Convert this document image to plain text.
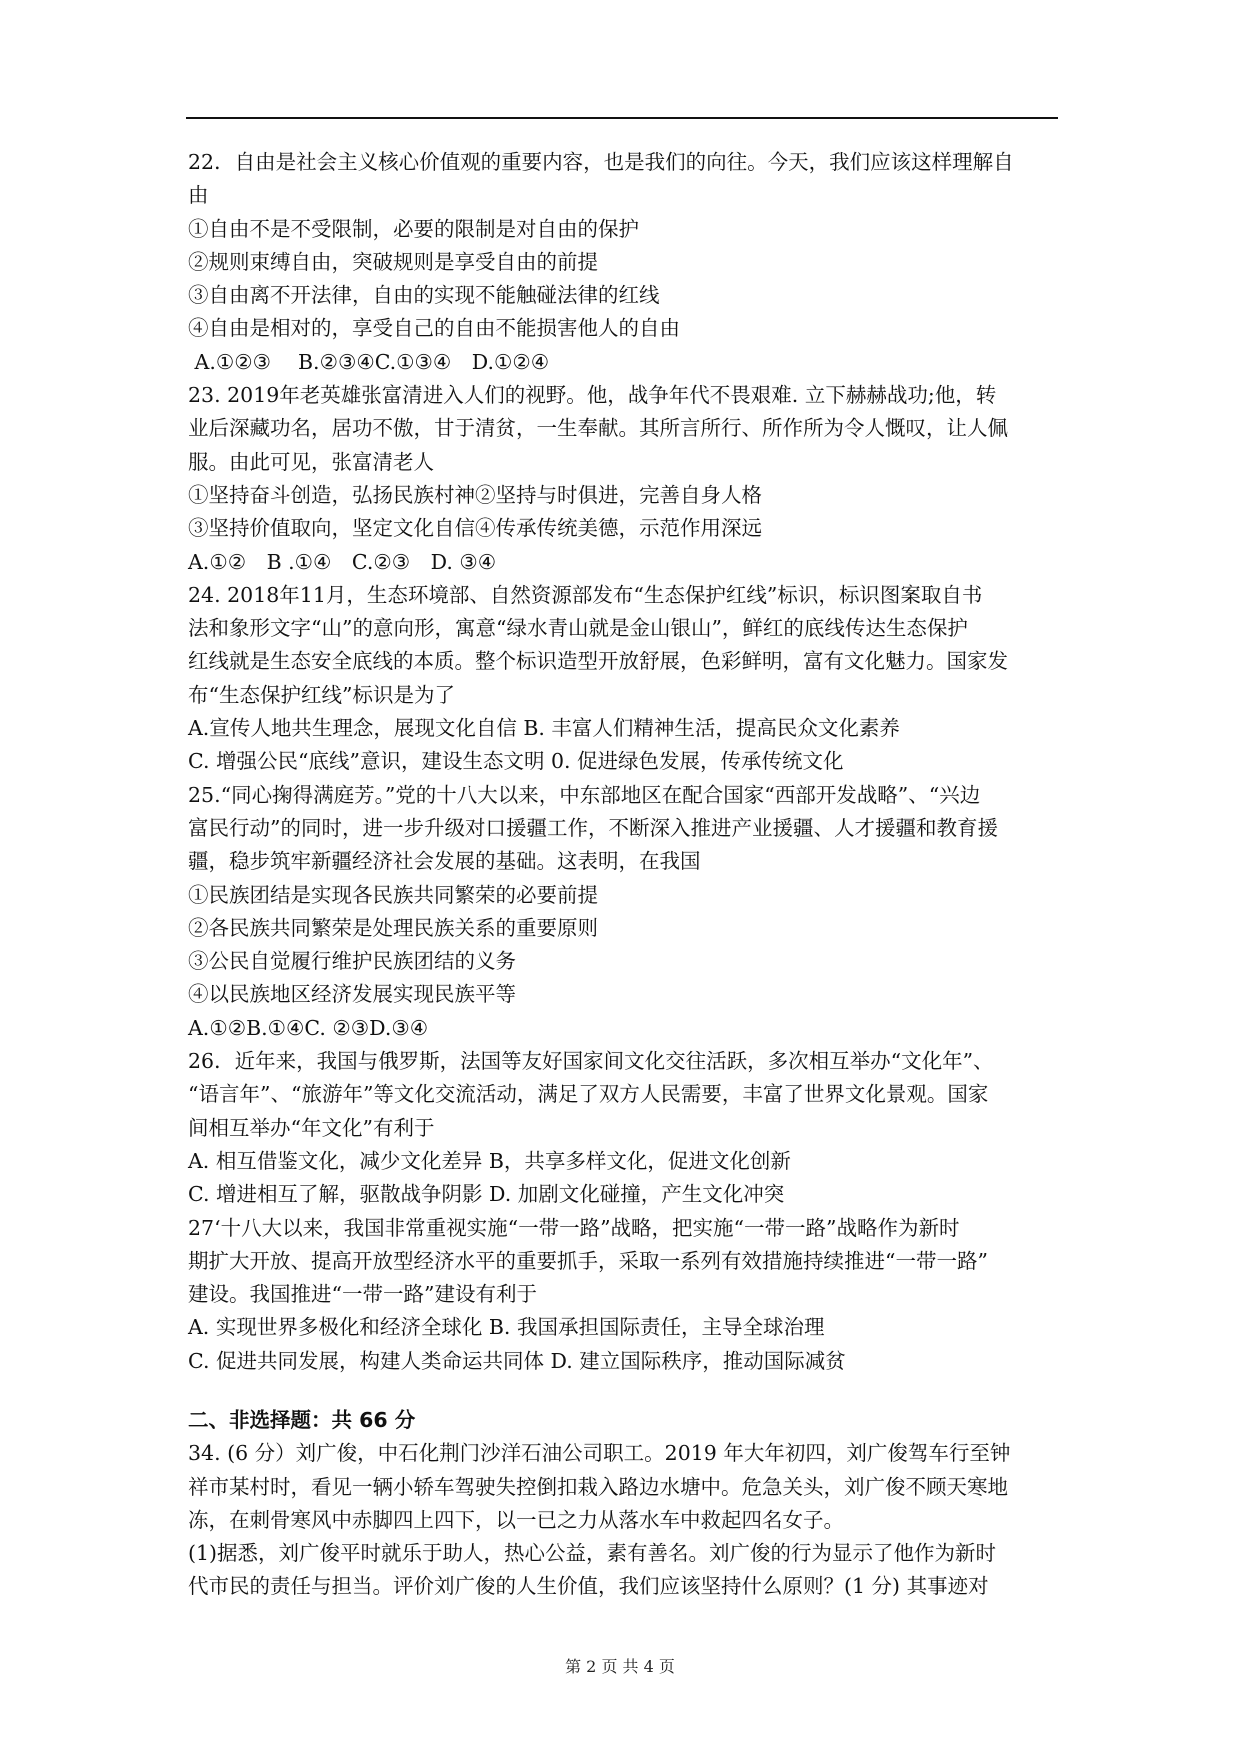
22．自由是社会主义核心价值观的重要内容，也是我们的向往。今天，我们应该这样理解自
由
①自由不是不受限制，必要的限制是对自由的保护
②规则束缚自由，突破规则是享受自由的前提
③自由离不开法律，自由的实现不能触碰法律的红线
④自由是相对的，享受自己的自由不能损害他人的自由
A.①②③　 B.②③④C.①③④　D.①②④
23. 2019年老英雄张富清进入人们的视野。他，战争年代不畏艰难. 立下赫赫战功;他，转
业后深藏功名，居功不傲，甘于清贫，一生奉献。其所言所行、所作所为令人慨叹，让人佩
服。由此可见，张富清老人
①坚持奋斗创造，弘扬民族村神②坚持与时俱进，完善自身人格
③坚持价值取向，坚定文化自信④传承传统美德，示范作用深远
A.①②　B .①④　C.②③　D. ③④
24. 2018年11月，生态环境部、自然资源部发布“生态保护红线”标识，标识图案取自书
法和象形文字“山”的意向形，寓意“绿水青山就是金山银山”，鲜红的底线传达生态保护
红线就是生态安全底线的本质。整个标识造型开放舒展，色彩鲜明，富有文化魅力。国家发
布“生态保护红线”标识是为了
A.宣传人地共生理念，展现文化自信 B. 丰富人们精神生活，提高民众文化素养
C. 增强公民“底线”意识，建设生态文明 0. 促进绿色发展，传承传统文化
25.“同心掬得满庭芳。”党的十八大以来，中东部地区在配合国家“西部开发战略”、“兴边
富民行动”的同时，进一步升级对口援疆工作，不断深入推进产业援疆、人才援疆和教育援
疆，稳步筑牢新疆经济社会发展的基础。这表明，在我国
①民族团结是实现各民族共同繁荣的必要前提
②各民族共同繁荣是处理民族关系的重要原则
③公民自觉履行维护民族团结的义务
④以民族地区经济发展实现民族平等
A.①②B.①④C. ②③D.③④
26．近年来，我国与俄罗斯，法国等友好国家间文化交往活跃，多次相互举办“文化年”、
“语言年”、“旅游年”等文化交流活动，满足了双方人民需要，丰富了世界文化景观。国家
间相互举办“年文化”有利于
A. 相互借鉴文化，减少文化差异 B，共享多样文化，促进文化创新
C. 增进相互了解，驱散战争阴影 D. 加剧文化碰撞，产生文化冲突
27‘十八大以来，我国非常重视实施“一带一路”战略，把实施“一带一路”战略作为新时
期扩大开放、提高开放型经济水平的重要抓手，采取一系列有效措施持续推进“一带一路”
建设。我国推进“一带一路”建设有利于
A. 实现世界多极化和经济全球化 B. 我国承担国际责任，主导全球治理
C. 促进共同发展，构建人类命运共同体 D. 建立国际秩序，推动国际减贫
二、非选择题：共 66 分
34. (6 分）刘广俊，中石化荆门沙洋石油公司职工。2019 年大年初四，刘广俊驾车行至钟
祥市某村时，看见一辆小轿车驾驶失控倒扣栽入路边水塘中。危急关头，刘广俊不顾天寒地
冻，在刺骨寒风中赤脚四上四下，以一已之力从落水车中救起四名女子。
(1)据悉，刘广俊平时就乐于助人，热心公益，素有善名。刘广俊的行为显示了他作为新时
代市民的责任与担当。评价刘广俊的人生价值，我们应该坚持什么原则？(1 分) 其事迹对
第 2 页 共 4 页
